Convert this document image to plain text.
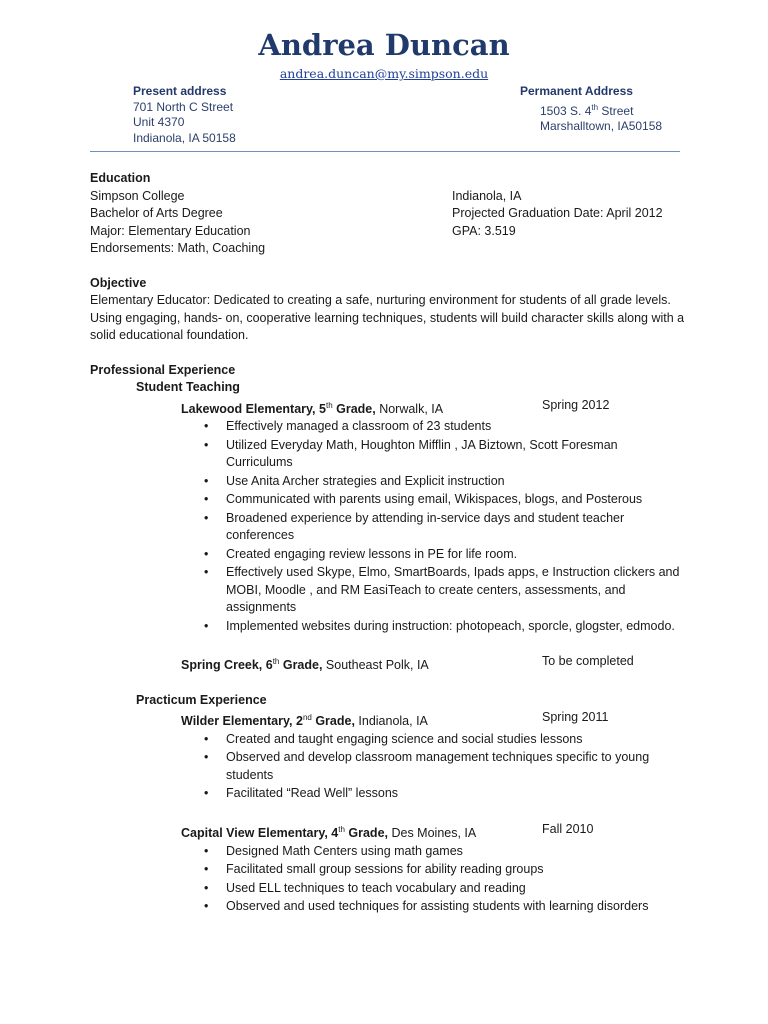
Andrea Duncan
andrea.duncan@my.simpson.edu
Present address
701 North C Street
Unit 4370
Indianola, IA 50158
Permanent Address
1503 S. 4th Street
Marshalltown, IA50158
Education
Simpson College	Indianola, IA
Bachelor of Arts Degree	Projected Graduation Date: April 2012
Major: Elementary Education	GPA: 3.519
Endorsements: Math, Coaching
Objective

Elementary Educator: Dedicated to creating a safe, nurturing environment for students of all grade levels.

Using engaging, hands- on, cooperative learning techniques, students will build character skills along with a

solid educational foundation.

Professional Experience
Student Teaching
Lakewood Elementary, 5th Grade, Norwalk, IA	Spring 2012
• Effectively managed a classroom of 23 students
• Utilized Everyday Math, Houghton Mifflin , JA Biztown, Scott Foresman
Curriculums
• Use Anita Archer strategies and Explicit instruction
• Communicated with parents using email, Wikispaces, blogs, and Posterous
• Broadened experience by attending in-service days and student teacher
conferences
• Created engaging review lessons in PE for life room.
• Effectively used Skype, Elmo, SmartBoards, Ipads apps, e Instruction clickers and
MOBI, Moodle , and RM EasiTeach to create centers, assessments, and
assignments
• Implemented websites during instruction: photopeach, sporcle, glogster, edmodo.
Spring Creek, 6th Grade, Southeast Polk, IA	To be completed
Practicum Experience
Wilder Elementary, 2nd Grade, Indianola, IA	Spring 2011
• Created and taught engaging science and social studies lessons
• Observed and develop classroom management techniques specific to young
students
• Facilitated “Read Well” lessons
Capital View Elementary, 4th Grade, Des Moines, IA	Fall 2010
• Designed Math Centers using math games
• Facilitated small group sessions for ability reading groups
• Used ELL techniques to teach vocabulary and reading
• Observed and used techniques for assisting students with learning disorders
